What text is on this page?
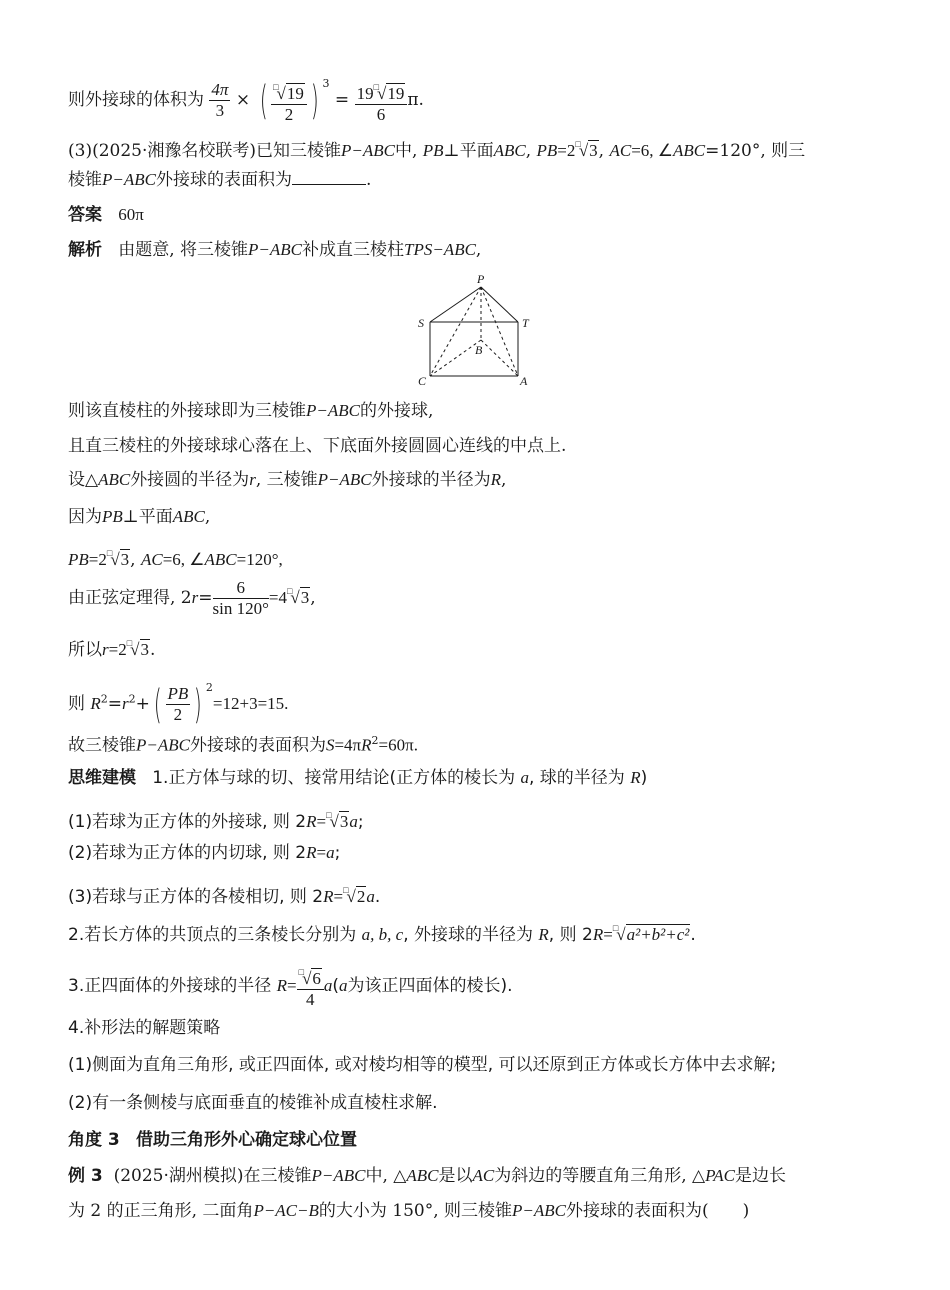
则外接球的体积为 $\frac{4\pi}{3}$ × ( $\frac{^□√19}{2}$ ) $^3 = \frac{19^□√19}{6} \pi$.
(3)(2025·湘豫名校联考)已知三棱锥P−ABC中, PB⊥平面ABC, PB=2□√3, AC=6, ∠ABC=120°, 则三
棱锥P−ABC外接球的表面积为	.
答案 60π
解析 由题意, 将三棱锥P−ABC补成直三棱柱TPS−ABC,
P
S	T
B
C	A
则该直棱柱的外接球即为三棱锥P−ABC的外接球,
且直三棱柱的外接球球心落在上、下底面外接圆圆心连线的中点上.
设△ABC外接圆的半径为r, 三棱锥P−ABC外接球的半径为R,
因为PB⊥平面ABC,
PB=2□√3, AC=6, ∠ABC=120°,
由正弦定理得, $2r= \frac{6}{\sin 120^\circ} =4^□√3$,
所以r=2□√3.
则 $R^2=r^2+( \frac{PB}{2}$ ) $^2$=12+3=15.
故三棱锥P−ABC外接球的表面积为$S=4\pi R^2=60\pi$.
思维建模 1.正方体与球的切、接常用结论(正方体的棱长为 a, 球的半径为 R)
(1)若球为正方体的外接球, 则 2R=□√3a;
(2)若球为正方体的内切球, 则 2R=a;
(3)若球与正方体的各棱相切, 则 2R=□√2a.
2.若长方体的共顶点的三条棱长分别为 a, b, c, 外接球的半径为 R, 则 2R=□√a²+b²+c².
3.正四面体的外接球的半径 $R= \frac{^□√6}{4} a(a$为该正四面体的棱长).
4.补形法的解题策略
(1)侧面为直角三角形, 或正四面体, 或对棱均相等的模型, 可以还原到正方体或长方体中去求解;
(2)有一条侧棱与底面垂直的棱锥补成直棱柱求解.
角度 3 借助三角形外心确定球心位置
例 3 (2025·湖州模拟)在三棱锥P−ABC中, △ABC是以AC为斜边的等腰直角三角形, △PAC是边长
为 2 的正三角形, 二面角P−AC−B的大小为 150°, 则三棱锥P−ABC外接球的表面积为(　　)
